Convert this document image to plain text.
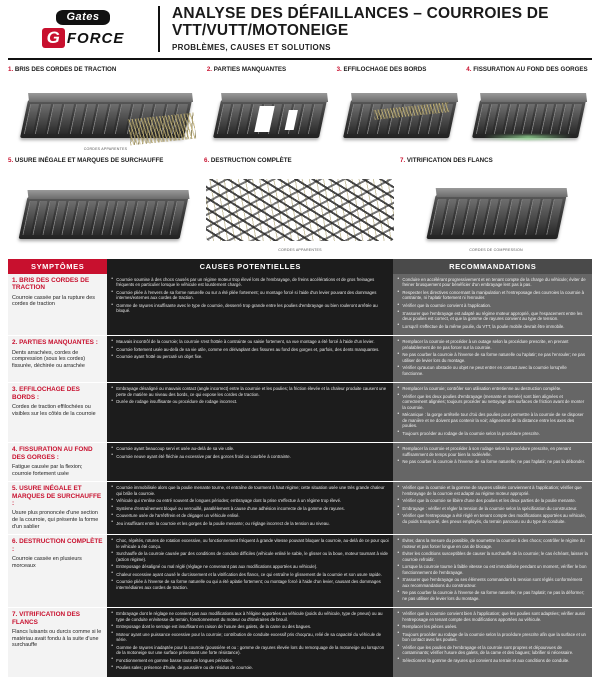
Gates
G FORCE
ANALYSE DES DÉFAILLANCES – COURROIES DE VTT/VUTT/MOTONEIGE
PROBLÈMES, CAUSES ET SOLUTIONS
1. BRIS DES CORDES DE TRACTION
CORDES APPARENTES
2. PARTIES MANQUANTES	3. EFFILOCHAGE DES BORDS	4. FISSURATION AU FOND DES GORGES
5. USURE INÉGALE ET MARQUES DE SURCHAUFFE	6. DESTRUCTION COMPLÈTE
CORDES APPARENTES
7. VITRIFICATION DES FLANCS
CORDES DE COMPRESSION
SYMPTÔMES	CAUSES POTENTIELLES	RECOMMANDATIONS

1. BRIS DES CORDES DE TRACTION
Courroie cassée par la rupture des cordes de traction

• Courroie soumise à des chocs causés par un régime moteur trop élevé lors de l'embrayage, de freins accélérations et de gros freinages fréquents en particulier lorsque le véhicule est lourdement chargé.
• Courroie pliée à l'envers de sa forme naturelle ou sur a été pliée fortement; ou montage forcé si l'aide d'un levier pouvant des dommages internes/externes aux cordes de traction.
• Gomme de rayures insuffisante avec le type de courroie, desserré trop grande entre les poulies d'embrayage ou bien rouleront arrêtée au bloqué.

• Conduire en accélérant progressivement et en tenant compte de la charge du véhicule; éviter de freiner brusquement pour bénéficier d'un embrayage lent pas à pas.
• Respecter les directives concernant la manipulation et l'entreposage des courroies la courroie à contrainte, ni l'aplatir fortement ni l'enrouler.
• Vérifier que la courroie convient à l'application.
• S'assurer que l'embrayage est adapté au régime moteur approprié, que l'espacement entre les deux poulies est correct, et que la gomme de rayures convient au type de tension.
• Lorsqu'il s'effectue de la même poulie, du VTT, la poulie mobile devrait être immobile.

2. PARTIES MANQUANTES :
Dents arrachées, cordes de compression (sous les cordes) fissurée, déchirée ou arrachée

• Mauvais incontrôl de la courroie; la courroie s'est frottée à contrainte ou saisie fortement, sa vue montage a été forcé à l'aide d'un levier.
• Courroie fortement usée au-delà de sa vie utile, comme en dérivaplant des fissures au fond des gorges et, parfois, des dents manquantes.
• Courroie ayant frotté ou percuté un objet fixe.

• Remplacer la courroie et procéder à un outage selon la procédure prescrite, en prenant préalablement de ne pas forcer sur la courroie.
• Ne pas courber la courroie à l'inverse de sa forme naturelle ou l'aplatir; ne pas l'enrouler; ne pas utiliser de levier lors du montage.
• Vérifier qu'aucun obstacle ou objet ne peut entrer en contact avec la courroie lorsq'elle fonctionne.

3. EFFILOCHAGE DES BORDS :
Cordes de traction effilochées ou visibles sur les côtés de la courroie

• Embrayage désaligné ou mauvais contact (angle incorrect) entre la courroie et les poulies; la friction élevée et la chaleur produite causent une perte de matière au niveau des bords, ce qui expose les cordes de traction.
• Durée de rodage insuffisante ou procédure de rodage incorrect.

• Remplacer la courroie; contrôler son utilisation entretienne au destruction complète.
• Vérifier que les deux poulies d'embrayage (menante et menée) sont bien alignées et correctement alignées; toujours procéder au nettoyage des surfaces de friction avant de monter la courroie.
• Mécanique : la gorge arrête/le tour d'où des poulies pour permettre à la courroie de se disposer de manière et ne doivent pas contenir la voir; alignement de la distance entre les axes des poulies.
• Toujours procéder au rodage de la courroie selon la procédure prescrite.

4. FISSURATION AU FOND DES GORGES :
Fatigue causée par la flexion; courroie fortement usée

• Courroie ayant beaucoup servi et usée au-delà de sa vie utile.
• Courroie neuve ayant été fléchie au excessive par des gorces froid ou courbée à contrainte.

• Remplacer la courroie et procéder à son rodage selon la procédure prescrite, en prenant suffisamment de temps pour bien la rodée/elle.
• Ne pas courber la courroie à l'inverse de sa forme naturelle; ne pas l'aplatir; ne pas la débonder.

5. USURE INÉGALE ET MARQUES DE SURCHAUFFE :
Usure plus prononcée d'une section de la courroie, qui présente la forme d'un sablier

• Courroie immobilisée alors que la poulie menante tourne, et entraîne de tourment à haut régime; cette situation usée une très grande chaleur qui brûle la courroie.
• Véhicule qui s'enlise ou entré souvent de longues périodes; embrayage dont la prise s'effectue à un régime trop élevé.
• Système d'entraînement bloqué ou verrouillé, parallèlement à cause d'une adhésion incorrecte de la gomme de rayures.
• Couverture usée de l'arrêt/frein et de dégager un véhicule enlisé.
• Jeu insuffisant entre la courroie et les gorges de la poulie menante; ou réglage incorrect de la tension au niveau.

• Vérifier que la courroie et la gomme de rayures utilisée conviennent à l'application; vérifier que l'embrayage de la courroie est adapté au régime moteur approprié.
• Vérifier que la courroie se libère d'une des poulies et les deux parties de la poulie menante.
• Embrayage : vérifier et régler la tension de la courroie selon la spécification du constructeur.
• Vérifier que l'entreposage a été réglé en tenant compte des modifications apportées au véhicule, du poids transporté, des pneus employés, du terrain parcouru ou du type de conduite.

6. DESTRUCTION COMPLÈTE :
Courroie cassée en plusieurs morceaux

• Choc, répétés, rotures de rotation excessive, ou fonctionnement fréquent à grande vitesse pouvant bloquer la courroie, au-delà de ce pour quoi le véhicule a été conçu.
• Surchauffe de la courroie causée par des conditions de conduite difficiles (véhicule enlisé le sable, le glisser ou la boue, moteur tournant à vide (action régime).
• Entreposage désaligné ou mal réglé (réglage ne convenant pas aux modifications apportées au véhicule).
• Chaleur excessive ayant causé le durcissement et la vitrification des flancs, ce qui entraîne le glissement de la courroie et son usure rapide.
• Courroie pliée à l'inverse de sa forme naturelle ou qui a été aplatie fortement; ou montage forcé à l'aide d'un levier, causant des dommages intermédiaires aux cordes de traction.

• Éviter, dans la mesure du possible, de soumettre la courroie à des chocs; contrôler le régime du moteur et pas forcer longue en cas de blocage.
• Éviter les conditions susceptibles de causer la surchauffe de la courroie; le cas échéant, laisser la courroie refroidir.
• Lorsque la courroie tourne à faible vitesse ou est immobilisée pendant un moment, vérifier le bon fonctionnement de l'embrayage.
• S'assurer que l'embrayage ou ses éléments commandant la tension sont réglés conformément aux recommandations du constructeur.
• Ne pas courber la courroie à l'inverse de sa forme naturelle; ne pas l'aplatir; ne pas la déformer; ne pas utiliser de levier lors du montage.

7. VITRIFICATION DES FLANCS
Flancs luisants ou durcis comme si le matériau avait fondu à la suite d'une surchauffe

• Embrayage dont le réglage ne convient pas aux modifications aux à l'éligine apportées au véhicule (poids du véhicule, type de pneus) ou au type de conduite en/vitesse de terrain, fonctionnement du moteur ou d'itinéraires de brouil.
• Entreposage dont le serrage est insuffisant en raison de l'usure des galets, de la came ou des bagues.
• Moteur ayant une puissance excessive pour la courroie; contribution de conduite excessif pris choqu'au, relié de sa capacité du véhicule de série.
• Gomme de rayures inadaptée pour la courroie (poussière et ou : gomme de rayures élevée lors du remorquage de la motoneige ou lorsqu'on de la motoneige sur une surface présentant une forte résistance).
• Fonctionnement en gomme basse toute de longues périodes.
• Poulies sales; présence d'huile, de poussière ou de résidus de courroie.

• Vérifier que la courroie convient bien à l'application; que les poulies sont adaptées; vérifier aussi l'entreposage en tenant compte des modifications apportées au véhicule.
• Remplacer les pièces usées.
• Toujours procéder au rodage de la courroie selon la procédure prescrite afin que la surface et un bon contact avec les poulies.
• Vérifier que les poulies de l'embrayage et la courroie sont propres et dépourvues de contaminants; vérifier l'usure des galets, de la came et des bagues; lubrifier si nécessaire.
• Sélectionner la gomme de rayures qui convient au terrain et aux conditions de conduite.
